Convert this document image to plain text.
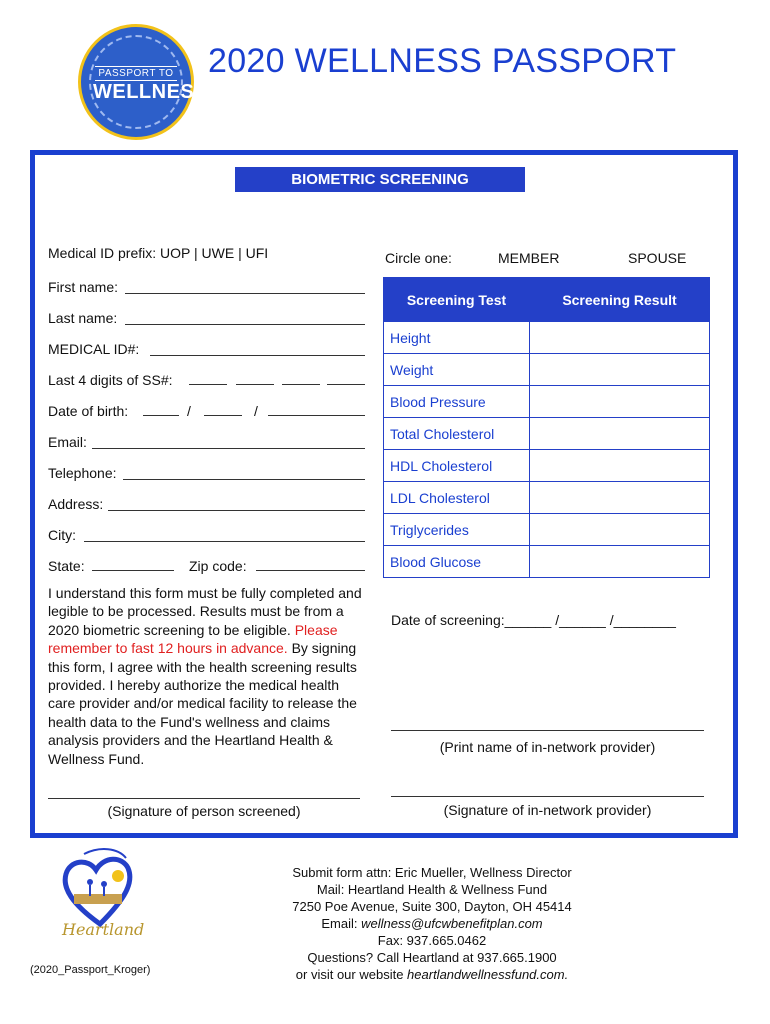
PASSPORT TO
WELLNESS
2020 WELLNESS PASSPORT
BIOMETRIC SCREENING
Medical ID prefix: UOP | UWE | UFI
First name:
Last name:
MEDICAL ID#:
Last 4 digits of SS#:
Date of birth:	/	/
Email:
Telephone:
Address:
City:
State:	Zip code:
I understand this form must be fully completed and legible to be processed. Results must be from a 2020 biometric screening to be eligible. Please remember to fast 12 hours in advance. By signing this form, I agree with the health screening results provided. I hereby authorize the medical health care provider and/or medical facility to release the health data to the Fund's wellness and claims analysis providers and the Heartland Health & Wellness Fund.
(Signature of person screened)
Circle one:	MEMBER	SPOUSE
Screening Test	Screening Result
Height	
Weight	
Blood Pressure	
Total Cholesterol	
HDL Cholesterol	
LDL Cholesterol	
Triglycerides	
Blood Glucose	
Date of screening:______ /______ /________
(Print name of in-network provider)
(Signature of in-network provider)
Heartland
(2020_Passport_Kroger)
Submit form attn: Eric Mueller, Wellness Director
Mail: Heartland Health & Wellness Fund
7250 Poe Avenue, Suite 300, Dayton, OH 45414
Email: wellness@ufcwbenefitplan.com
Fax: 937.665.0462
Questions? Call Heartland at 937.665.1900
or visit our website heartlandwellnessfund.com.
